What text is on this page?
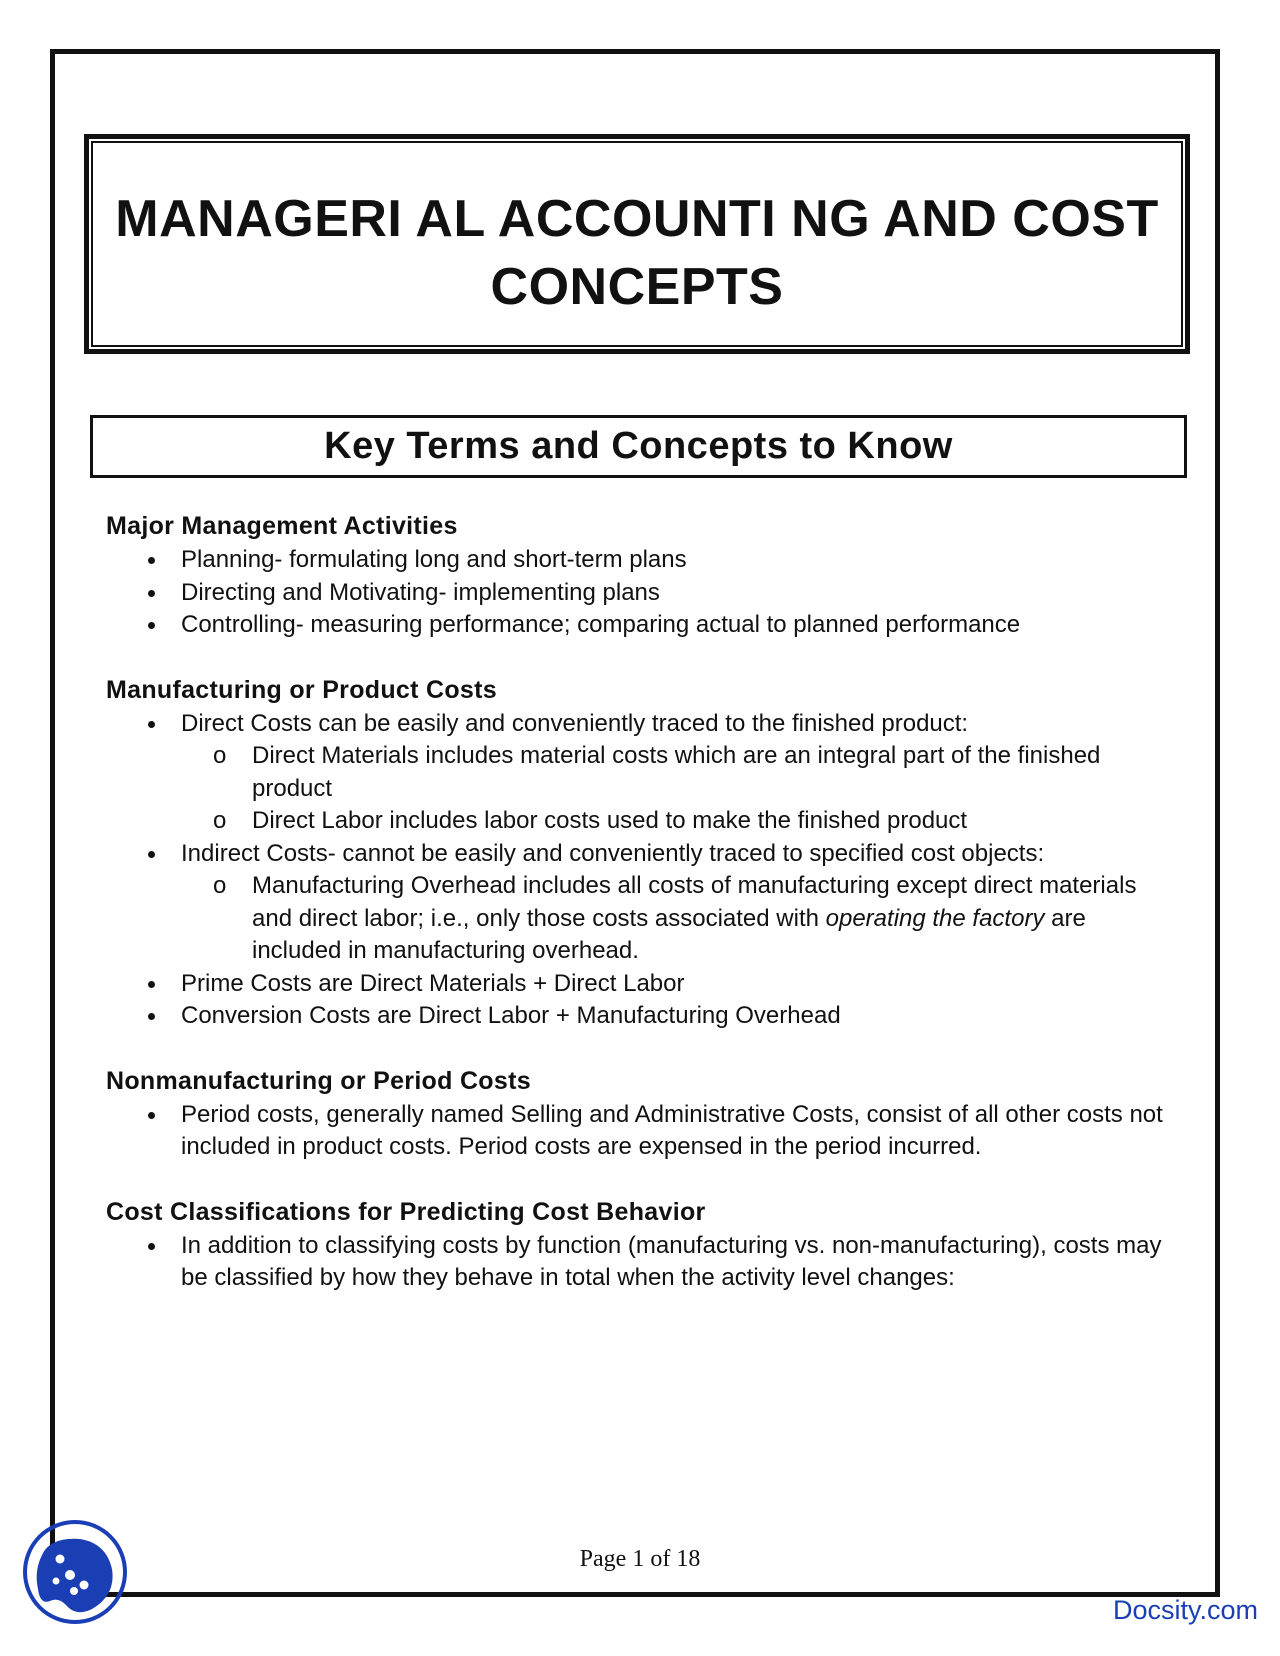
MANAGERI AL ACCOUNTI NG AND COST CONCEPTS
Key Terms and Concepts to Know
Major Management Activities
Planning- formulating long and short-term plans
Directing and Motivating- implementing plans
Controlling- measuring performance; comparing actual to planned performance
Manufacturing or Product Costs
Direct Costs can be easily and conveniently traced to the finished product:
o Direct Materials includes material costs which are an integral part of the finished product
o Direct Labor includes labor costs used to make the finished product
Indirect Costs- cannot be easily and conveniently traced to specified cost objects:
o Manufacturing Overhead includes all costs of manufacturing except direct materials and direct labor; i.e., only those costs associated with operating the factory are included in manufacturing overhead.
Prime Costs are Direct Materials + Direct Labor
Conversion Costs are Direct Labor + Manufacturing Overhead
Nonmanufacturing or Period Costs
Period costs, generally named Selling and Administrative Costs, consist of all other costs not included in product costs. Period costs are expensed in the period incurred.
Cost Classifications for Predicting Cost Behavior
In addition to classifying costs by function (manufacturing vs. non-manufacturing), costs may be classified by how they behave in total when the activity level changes:
Page 1 of 18
Docsity.com
